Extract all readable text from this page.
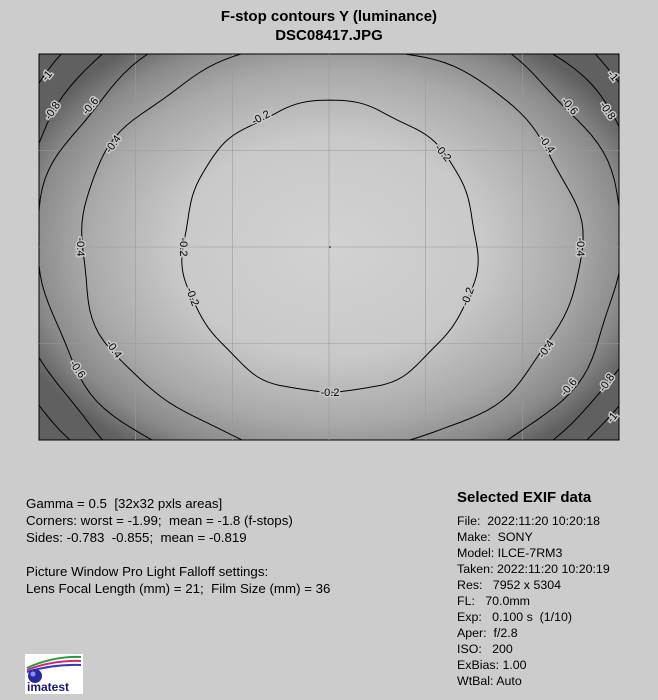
F-stop contours Y (luminance)
DSC08417.JPG
-0.2
-0.2
-0.2
-0.2	-0.2
-0.2
-0.4	-0.4
-0.4
-0.4	-0.4
-0.4
-0.6	-0.6
-0.6
-0.6
-0.8	-0.8
-0.8
-1	-1
-1
Gamma = 0.5  [32x32 pxls areas]
Corners: worst = -1.99;  mean = -1.8 (f-stops)
Sides: -0.783  -0.855;  mean = -0.819
Picture Window Pro Light Falloff settings:
Lens Focal Length (mm) = 21;  Film Size (mm) = 36
Selected EXIF data
File:  2022:11:20 10:20:18
Make:  SONY
Model: ILCE-7RM3
Taken: 2022:11:20 10:20:19
Res:   7952 x 5304
FL:   70.0mm
Exp:   0.100 s  (1/10)
Aper:  f/2.8
ISO:   200
ExBias: 1.00
WtBal: Auto
imatest
